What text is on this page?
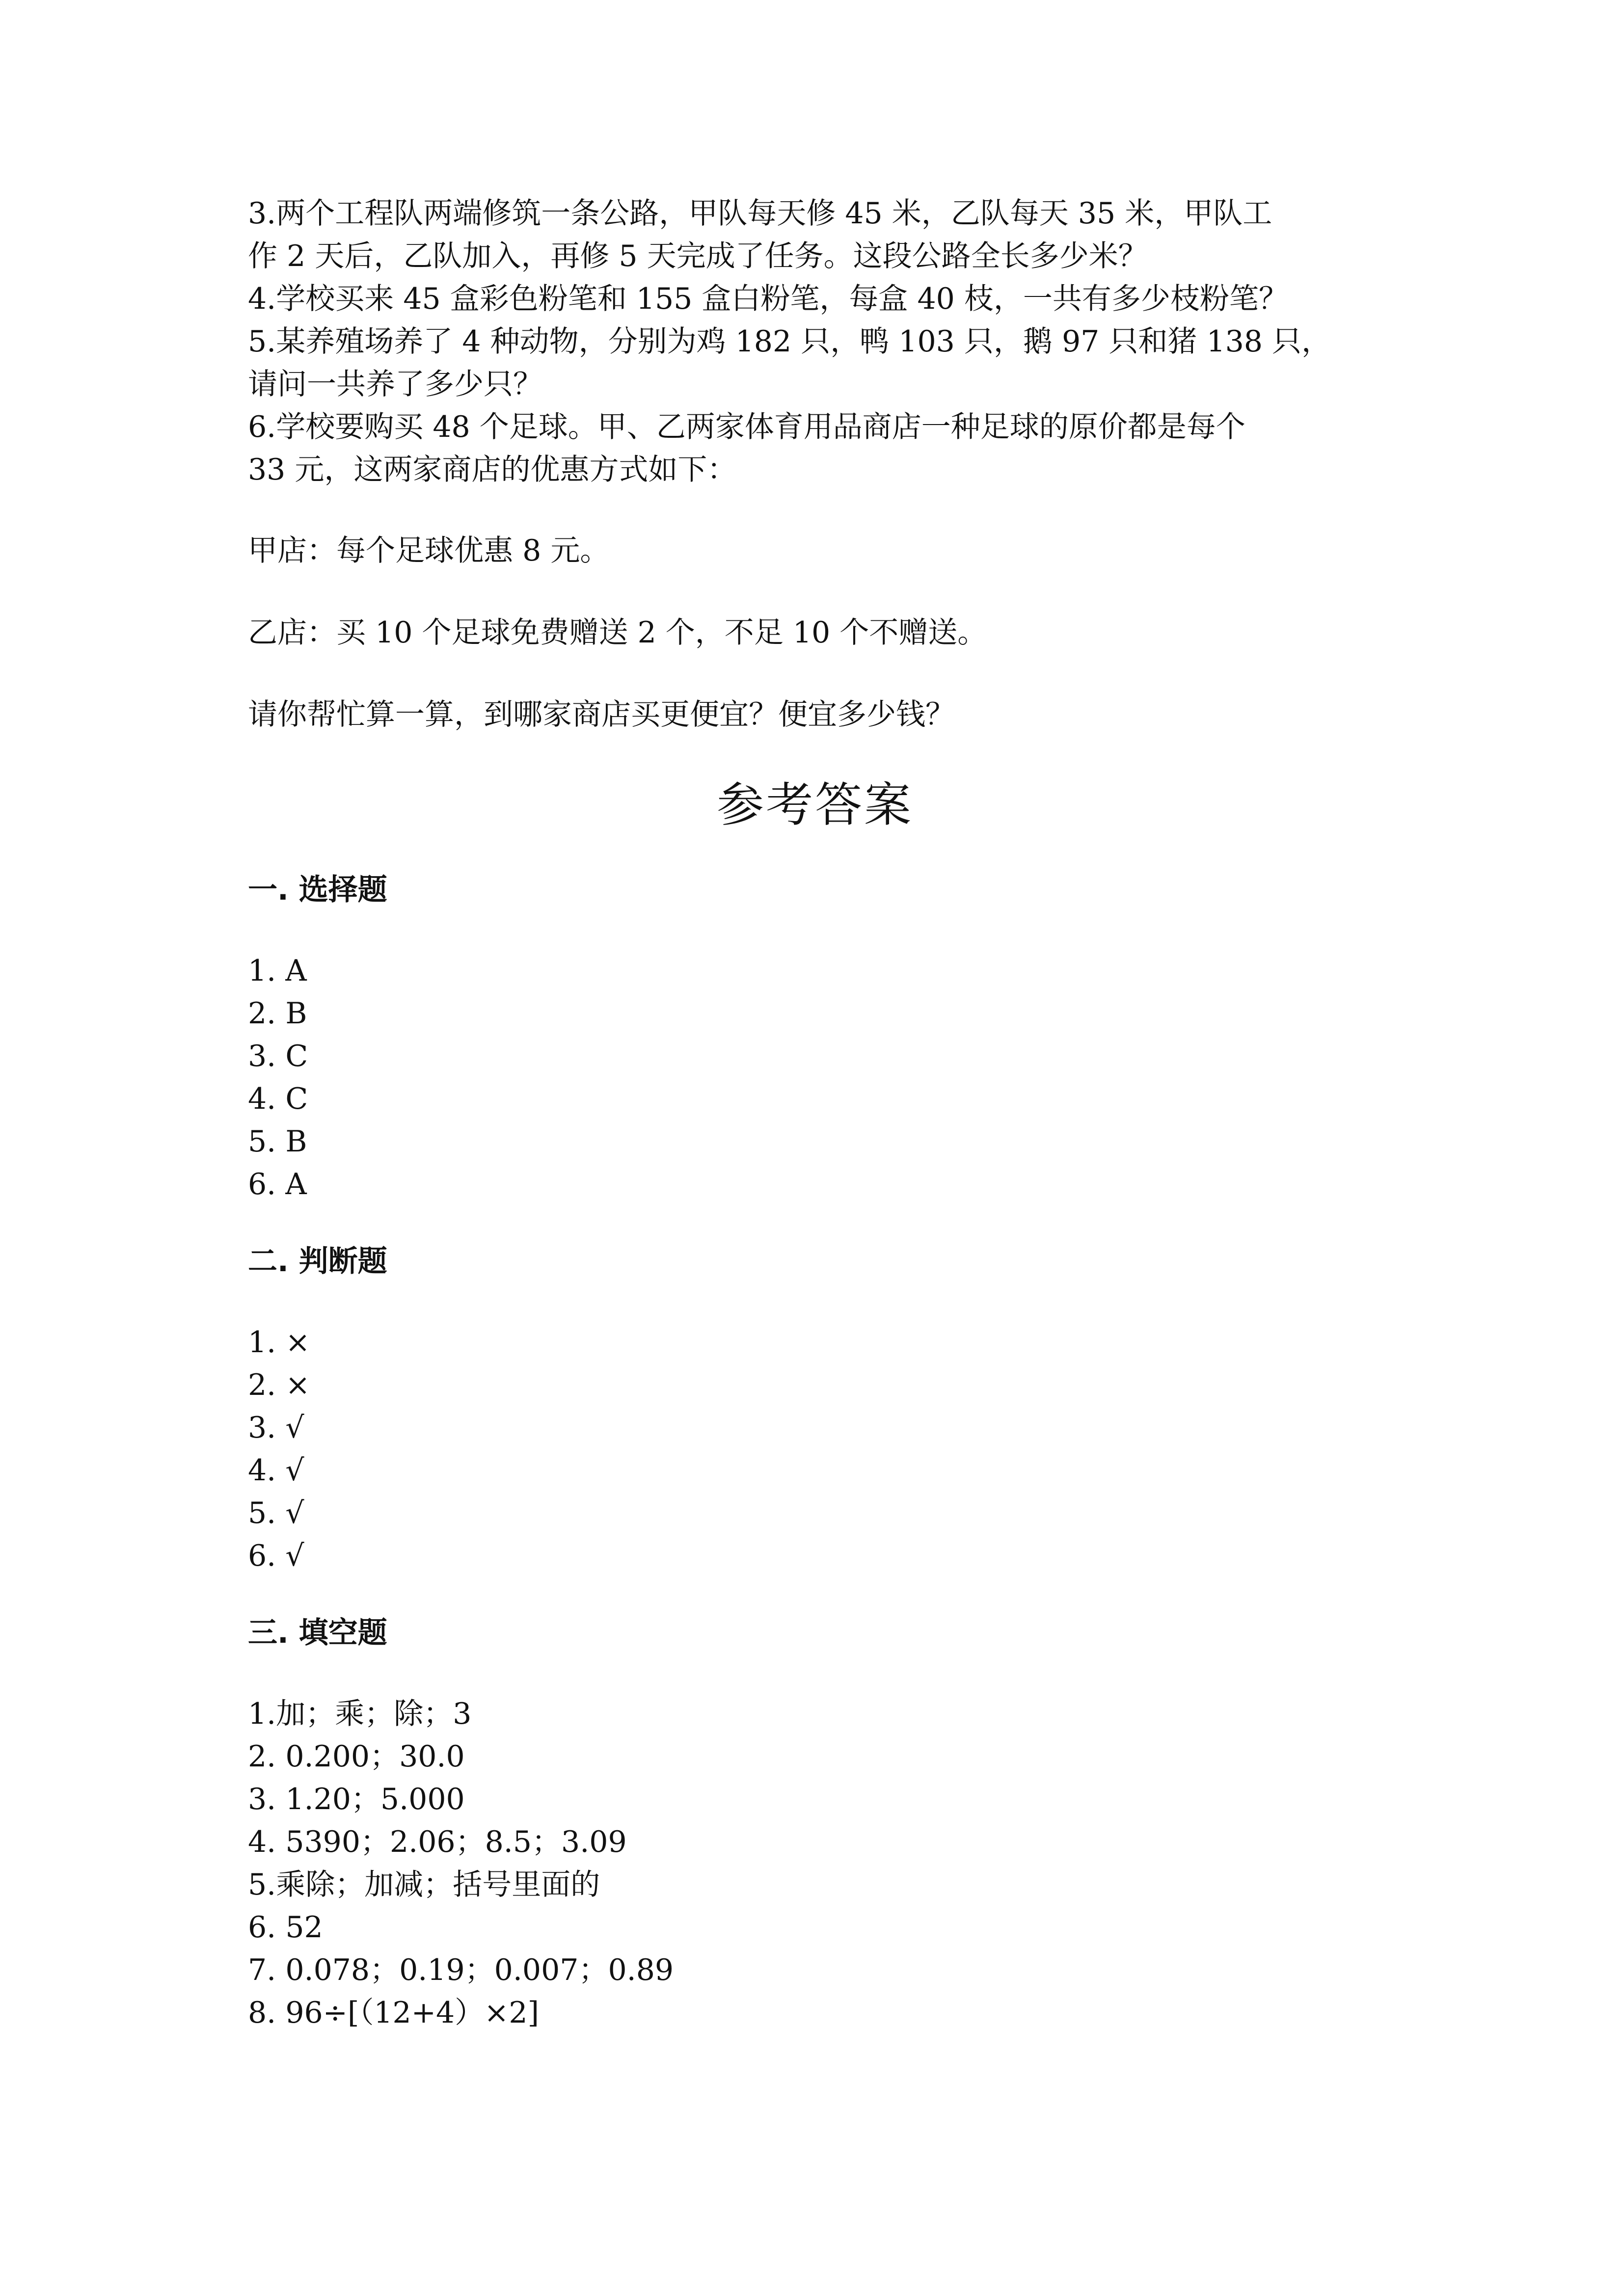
3.两个工程队两端修筑一条公路，甲队每天修 45 米，乙队每天 35 米，甲队工
作 2 天后，乙队加入，再修 5 天完成了任务。这段公路全长多少米？
4.学校买来 45 盒彩色粉笔和 155 盒白粉笔，每盒 40 枝，一共有多少枝粉笔？
5.某养殖场养了 4 种动物，分别为鸡 182 只，鸭 103 只，鹅 97 只和猪 138 只，
请问一共养了多少只？
6.学校要购买 48 个足球。甲、乙两家体育用品商店一种足球的原价都是每个
33 元，这两家商店的优惠方式如下：
甲店：每个足球优惠 8 元。
乙店：买 10 个足球免费赠送 2 个，不足 10 个不赠送。
请你帮忙算一算，到哪家商店买更便宜？便宜多少钱？
参考答案
一. 选择题
1. A
2. B
3. C
4. C
5. B
6. A
二. 判断题
1. ×
2. ×
3. √
4. √
5. √
6. √
三. 填空题
1.加；乘；除；3
2. 0.200；30.0
3. 1.20；5.000
4. 5390；2.06；8.5；3.09
5.乘除；加减；括号里面的
6. 52
7. 0.078；0.19；0.007；0.89
8. 96÷[（12+4）×2]
